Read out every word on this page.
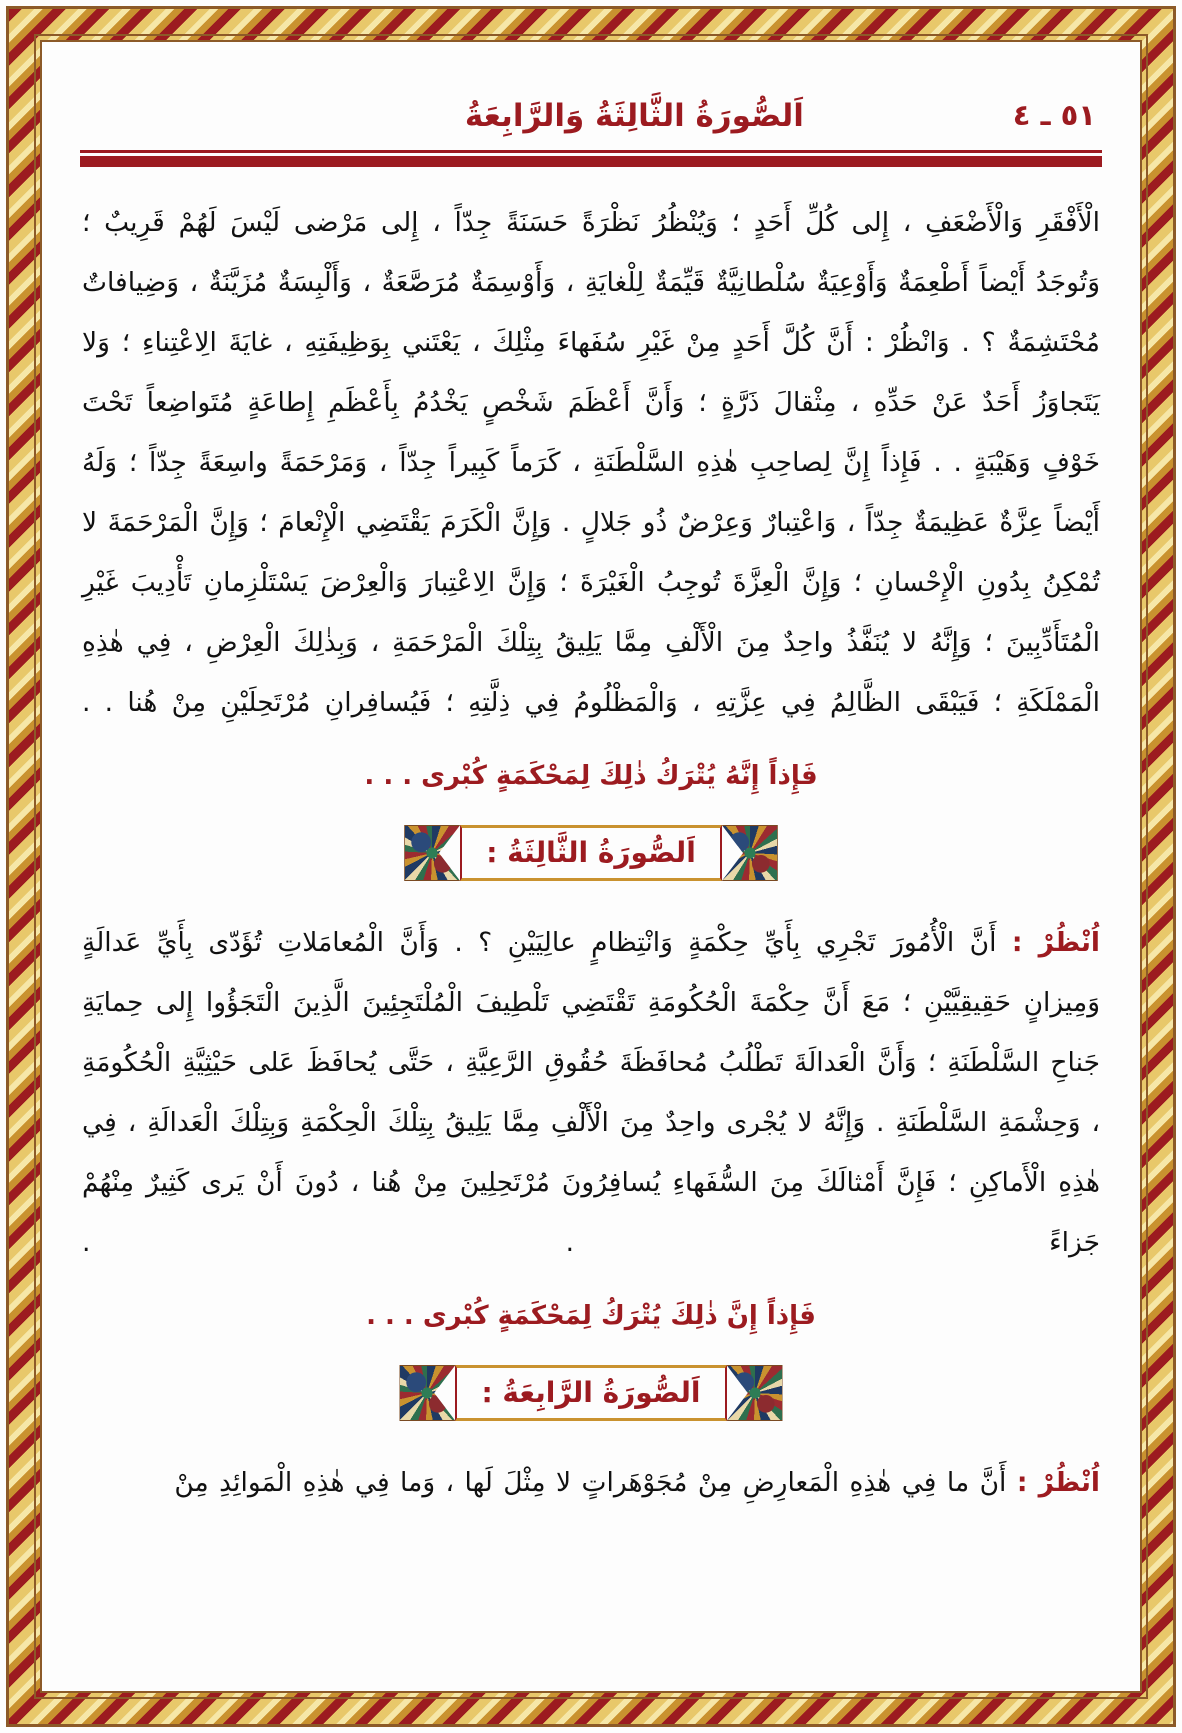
٥١ ـ ٤
اَلصُّورَةُ الثَّالِثَةُ وَالرَّابِعَةُ
الْأَفْقَرِ وَالْأَضْعَفِ ، إِلى كُلِّ أَحَدٍ ؛ وَيُنْظُرُ نَظْرَةً حَسَنَةً جِدّاً ، إِلى مَرْضى لَيْسَ لَهُمْ قَرِيبٌ ؛ وَتُوجَدُ أَيْضاً أَطْعِمَةٌ وَأَوْعِيَةٌ سُلْطانِيَّةٌ قَيِّمَةٌ لِلْغايَةِ ، وَأَوْسِمَةٌ مُرَصَّعَةٌ ، وَأَلْبِسَةٌ مُزَيَّنَةٌ ، وَضِيافاتٌ مُحْتَشِمَةٌ ؟ . وَانْظُرْ : أَنَّ كُلَّ أَحَدٍ مِنْ غَيْرِ سُفَهاءَ مِثْلِكَ ، يَعْتَني بِوَظِيفَتِهِ ، غايَةَ الِاعْتِناءِ ؛ وَلا يَتَجاوَزُ أَحَدٌ عَنْ حَدِّهِ ، مِثْقالَ ذَرَّةٍ ؛ وَأَنَّ أَعْظَمَ شَخْصٍ يَخْدُمُ بِأَعْظَمِ إِطاعَةٍ مُتَواضِعاً تَحْتَ خَوْفٍ وَهَيْبَةٍ . . فَإِذاً إِنَّ لِصاحِبِ هٰذِهِ السَّلْطَنَةِ ، كَرَماً كَبِيراً جِدّاً ، وَمَرْحَمَةً واسِعَةً جِدّاً ؛ وَلَهُ أَيْضاً عِزَّةٌ عَظِيمَةٌ جِدّاً ، وَاعْتِبارٌ وَعِرْضٌ ذُو جَلالٍ . وَإِنَّ الْكَرَمَ يَقْتَضِي الْإِنْعامَ ؛ وَإِنَّ الْمَرْحَمَةَ لا تُمْكِنُ بِدُونِ الْإِحْسانِ ؛ وَإِنَّ الْعِزَّةَ تُوجِبُ الْغَيْرَةَ ؛ وَإِنَّ الِاعْتِبارَ وَالْعِرْضَ يَسْتَلْزِمانِ تَأْدِيبَ غَيْرِ الْمُتَأَدِّبِينَ ؛ وَإِنَّهُ لا يُنَفَّذُ واحِدٌ مِنَ الْأَلْفِ مِمَّا يَلِيقُ بِتِلْكَ الْمَرْحَمَةِ ، وَبِذٰلِكَ الْعِرْضِ ، فِي هٰذِهِ الْمَمْلَكَةِ ؛ فَيَبْقَى الظَّالِمُ فِي عِزَّتِهِ ، وَالْمَظْلُومُ فِي ذِلَّتِهِ ؛ فَيُسافِرانِ مُرْتَحِلَيْنِ مِنْ هُنا . .
فَإِذاً إِنَّهُ يُتْرَكُ ذٰلِكَ لِمَحْكَمَةٍ كُبْرى . . .
اَلصُّورَةُ الثَّالِثَةُ :
اُنْظُرْ : أَنَّ الْأُمُورَ تَجْرِي بِأَيِّ حِكْمَةٍ وَانْتِظامٍ عالِيَيْنِ ؟ . وَأَنَّ الْمُعامَلاتِ تُؤَدّى بِأَيِّ عَدالَةٍ وَمِيزانٍ حَقِيقِيَّيْنِ ؛ مَعَ أَنَّ حِكْمَةَ الْحُكُومَةِ تَقْتَضِي تَلْطِيفَ الْمُلْتَجِئِينَ الَّذِينَ الْتَجَؤُوا إِلى حِمايَةِ جَناحِ السَّلْطَنَةِ ؛ وَأَنَّ الْعَدالَةَ تَطْلُبُ مُحافَظَةَ حُقُوقِ الرَّعِيَّةِ ، حَتَّى يُحافَظَ عَلى حَيْثِيَّةِ الْحُكُومَةِ ، وَحِشْمَةِ السَّلْطَنَةِ . وَإِنَّهُ لا يُجْرى واحِدٌ مِنَ الْأَلْفِ مِمَّا يَلِيقُ بِتِلْكَ الْحِكْمَةِ وَبِتِلْكَ الْعَدالَةِ ، فِي هٰذِهِ الْأَماكِنِ ؛ فَإِنَّ أَمْثالَكَ مِنَ السُّفَهاءِ يُسافِرُونَ مُرْتَحِلِينَ مِنْ هُنا ، دُونَ أَنْ يَرى كَثِيرٌ مِنْهُمْ جَزاءً . .
فَإِذاً إِنَّ ذٰلِكَ يُتْرَكُ لِمَحْكَمَةٍ كُبْرى . . .
اَلصُّورَةُ الرَّابِعَةُ :
اُنْظُرْ : أَنَّ ما فِي هٰذِهِ الْمَعارِضِ مِنْ مُجَوْهَراتٍ لا مِثْلَ لَها ، وَما فِي هٰذِهِ الْمَوائِدِ مِنْ
